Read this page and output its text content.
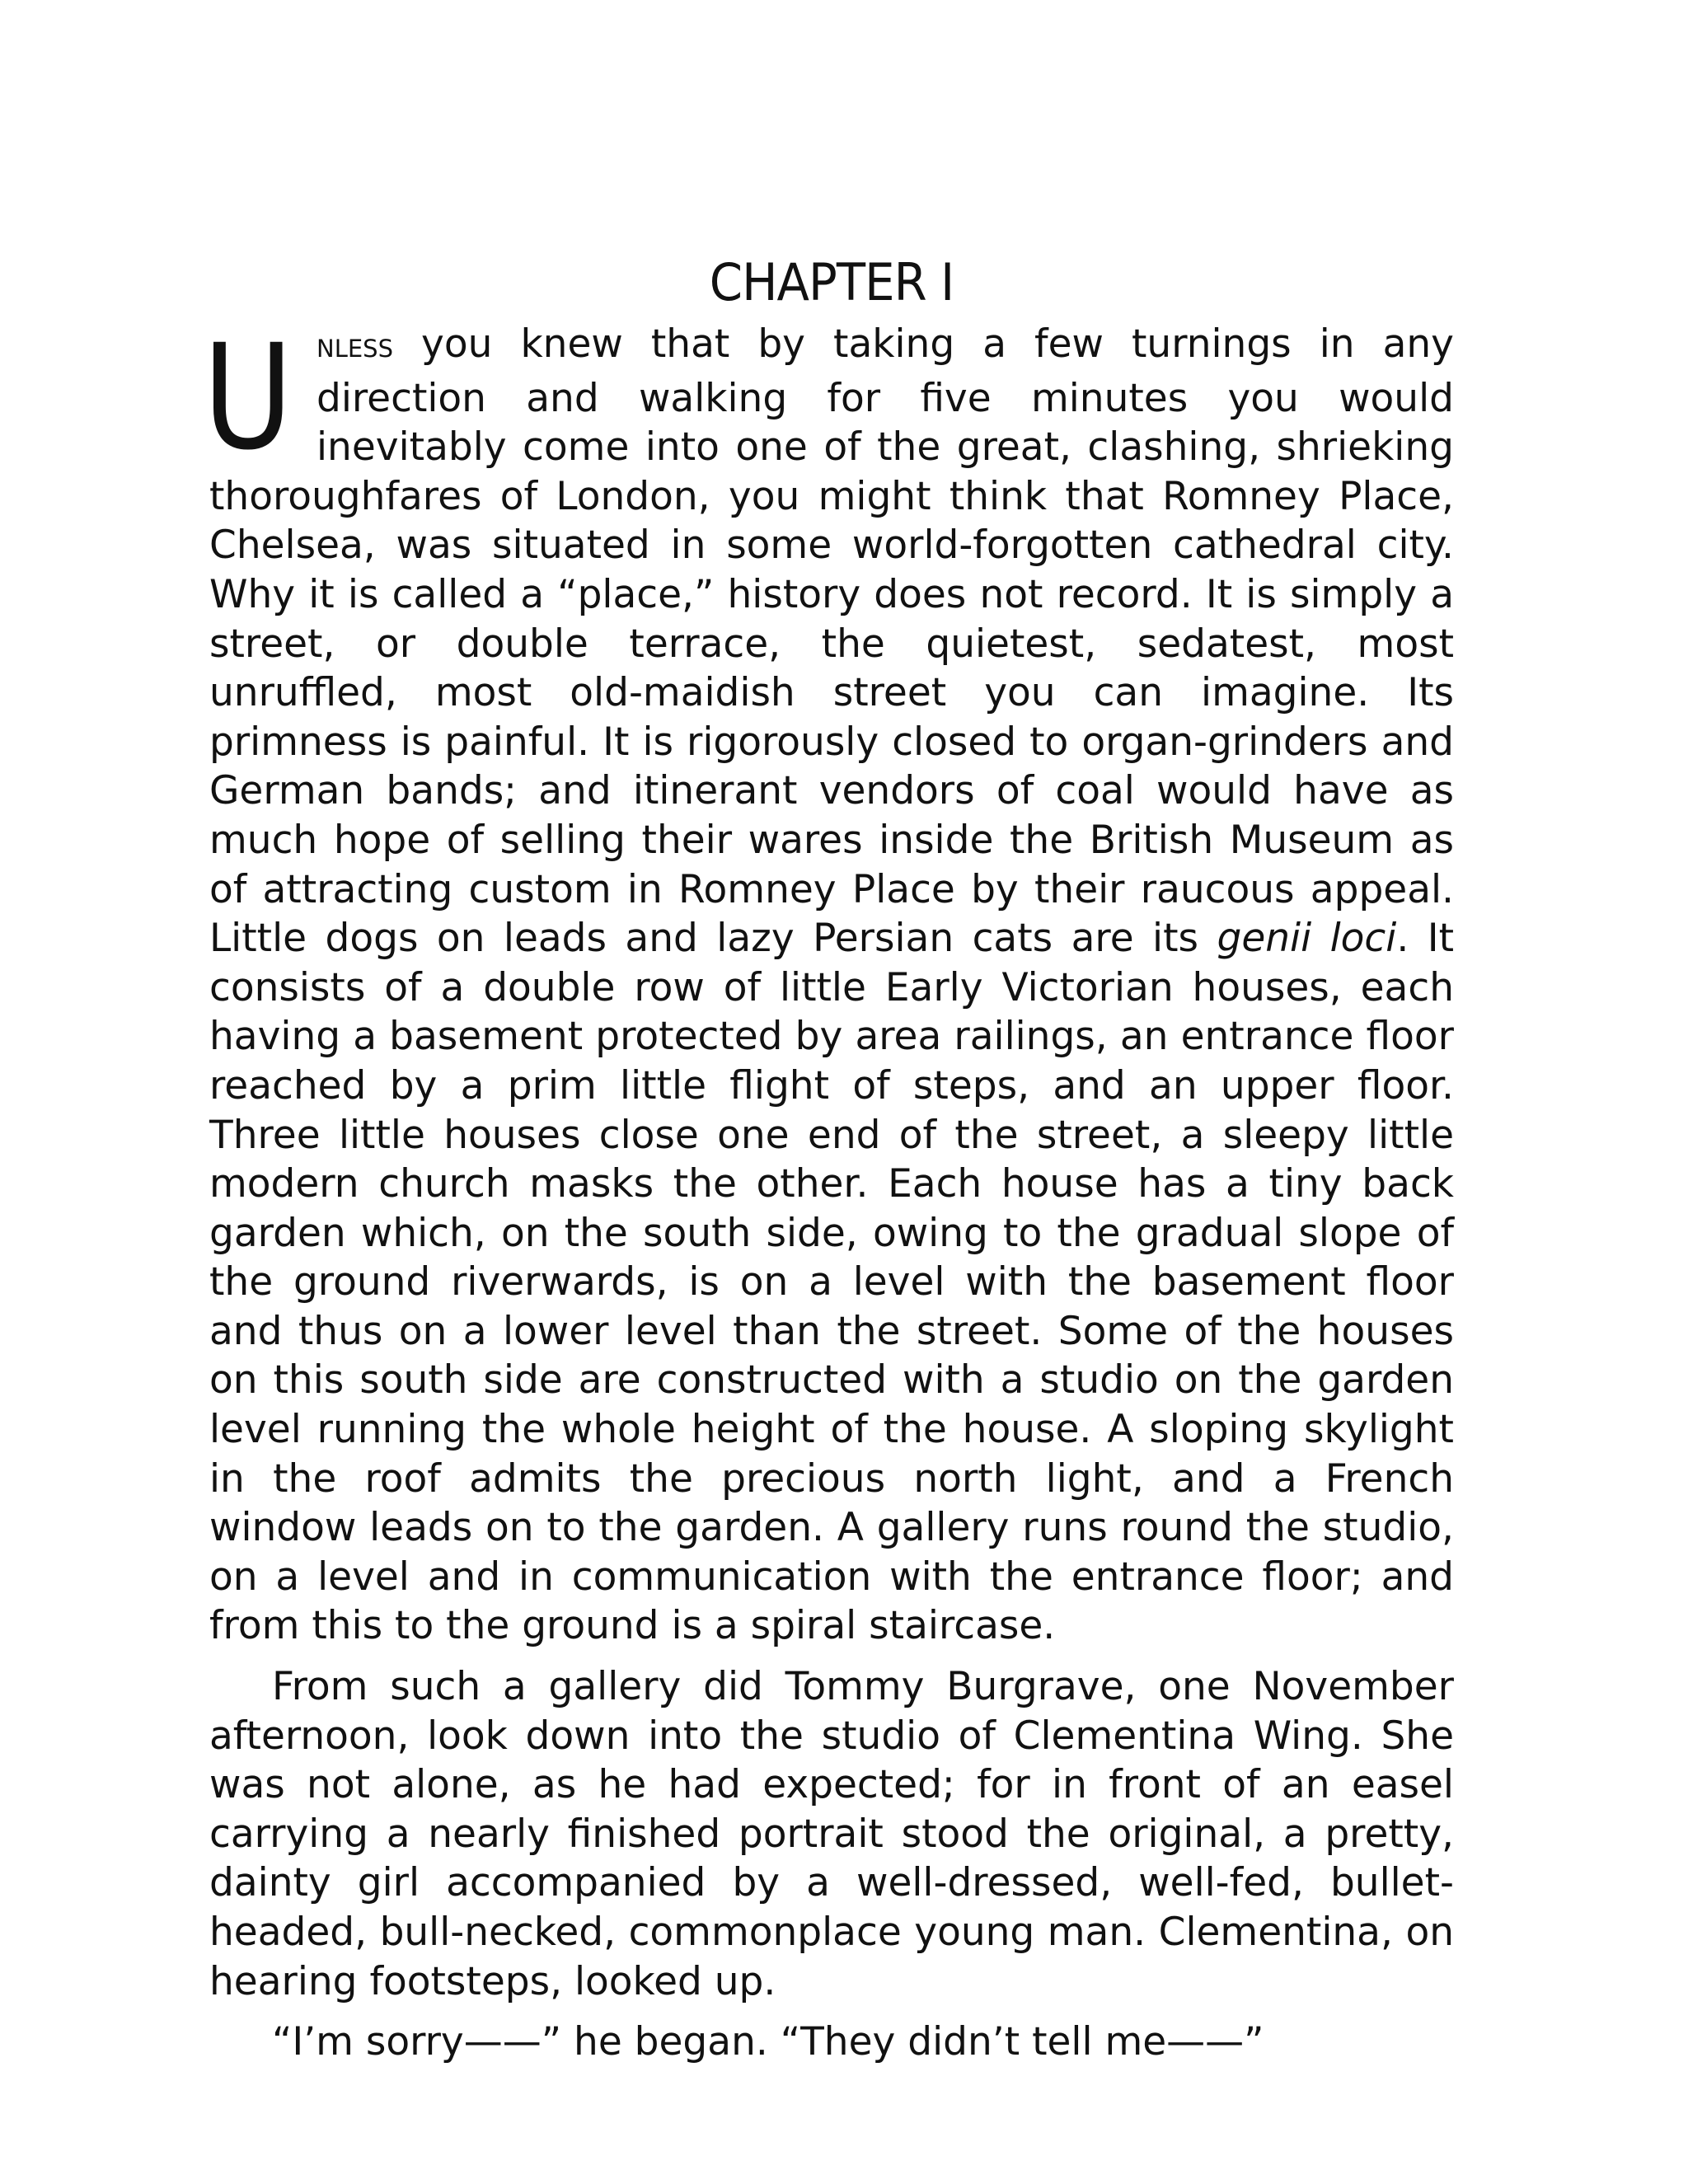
CHAPTER I

UNLESS you knew that by taking a few turnings in any direction and walking for five minutes you would inevitably come into one of the great, clashing, shrieking thoroughfares of London, you might think that Romney Place, Chelsea, was situated in some world-forgotten cathedral city. Why it is called a “place,” history does not record. It is simply a street, or double terrace, the quietest, sedatest, most unruffled, most old-maidish street you can imagine. Its primness is painful. It is rigorously closed to organ-grinders and German bands; and itinerant vendors of coal would have as much hope of selling their wares inside the British Museum as of attracting custom in Romney Place by their raucous appeal. Little dogs on leads and lazy Persian cats are its genii loci. It consists of a double row of little Early Victorian houses, each having a basement protected by area railings, an entrance floor reached by a prim little flight of steps, and an upper floor. Three little houses close one end of the street, a sleepy little modern church masks the other. Each house has a tiny back garden which, on the south side, owing to the gradual slope of the ground riverwards, is on a level with the basement floor and thus on a lower level than the street. Some of the houses on this south side are constructed with a studio on the garden level running the whole height of the house. A sloping skylight in the roof admits the precious north light, and a French window leads on to the garden. A gallery runs round the studio, on a level and in communication with the entrance floor; and from this to the ground is a spiral staircase.

From such a gallery did Tommy Burgrave, one November afternoon, look down into the studio of Clementina Wing. She was not alone, as he had expected; for in front of an easel carrying a nearly finished portrait stood the original, a pretty, dainty girl accompanied by a well-dressed, well-fed, bullet-headed, bull-necked, commonplace young man. Clementina, on hearing footsteps, looked up.

“I’m sorry——” he began. “They didn’t tell me——”
